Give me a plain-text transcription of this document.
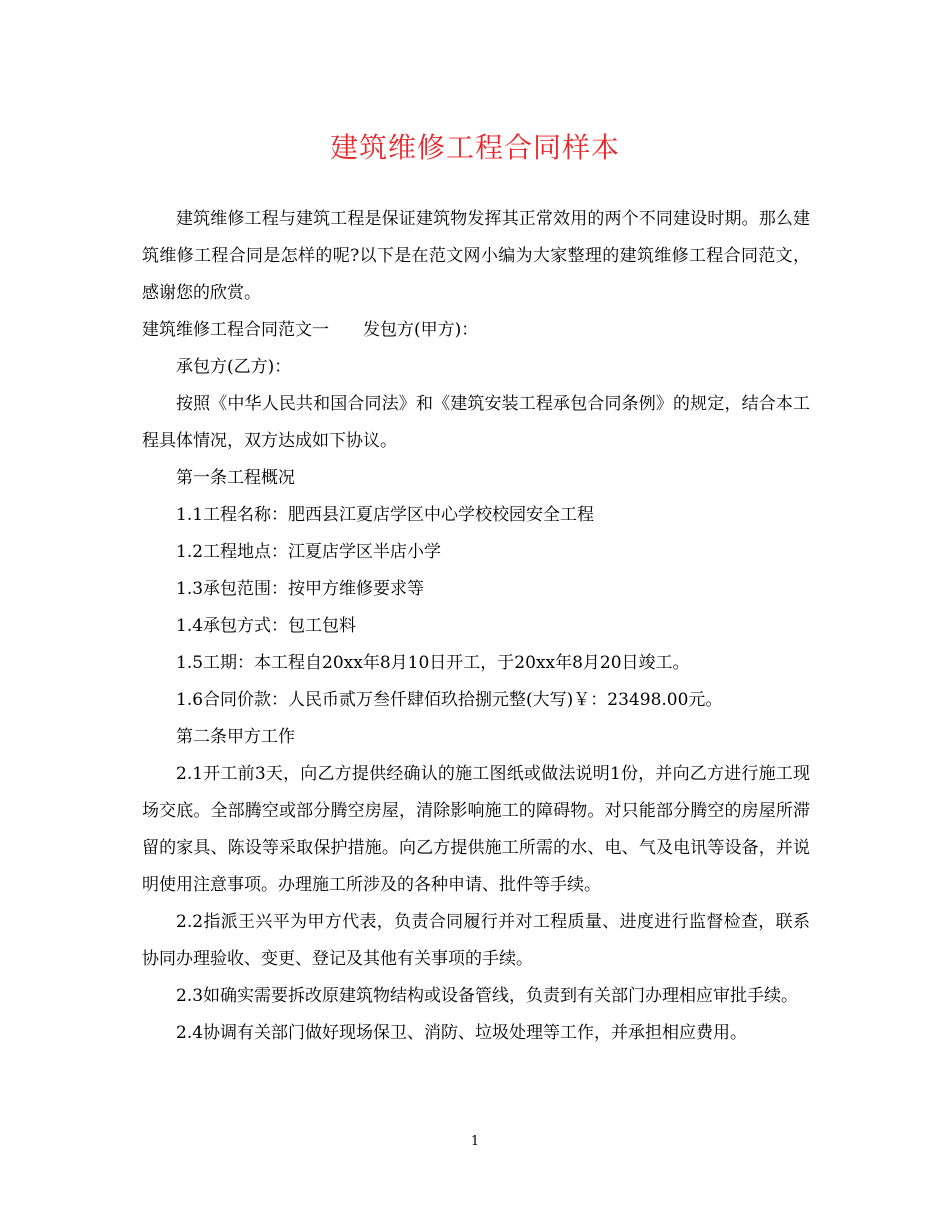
建筑维修工程合同样本

建筑维修工程与建筑工程是保证建筑物发挥其正常效用的两个不同建设时期。那么建筑维修工程合同是怎样的呢?以下是在范文网小编为大家整理的建筑维修工程合同范文，感谢您的欣赏。

建筑维修工程合同范文一 发包方(甲方)：

承包方(乙方)：

按照《中华人民共和国合同法》和《建筑安装工程承包合同条例》的规定，结合本工程具体情况，双方达成如下协议。

第一条工程概况

1.1工程名称：肥西县江夏店学区中心学校校园安全工程

1.2工程地点：江夏店学区半店小学

1.3承包范围：按甲方维修要求等

1.4承包方式：包工包料

1.5工期：本工程自20xx年8月10日开工，于20xx年8月20日竣工。

1.6合同价款：人民币贰万叁仟肆佰玖拾捌元整(大写)￥：23498.00元。

第二条甲方工作

2.1开工前3天，向乙方提供经确认的施工图纸或做法说明1份，并向乙方进行施工现场交底。全部腾空或部分腾空房屋，清除影响施工的障碍物。对只能部分腾空的房屋所滞留的家具、陈设等采取保护措施。向乙方提供施工所需的水、电、气及电讯等设备，并说明使用注意事项。办理施工所涉及的各种申请、批件等手续。

2.2指派王兴平为甲方代表，负责合同履行并对工程质量、进度进行监督检查，联系协同办理验收、变更、登记及其他有关事项的手续。

2.3如确实需要拆改原建筑物结构或设备管线，负责到有关部门办理相应审批手续。

2.4协调有关部门做好现场保卫、消防、垃圾处理等工作，并承担相应费用。

1
